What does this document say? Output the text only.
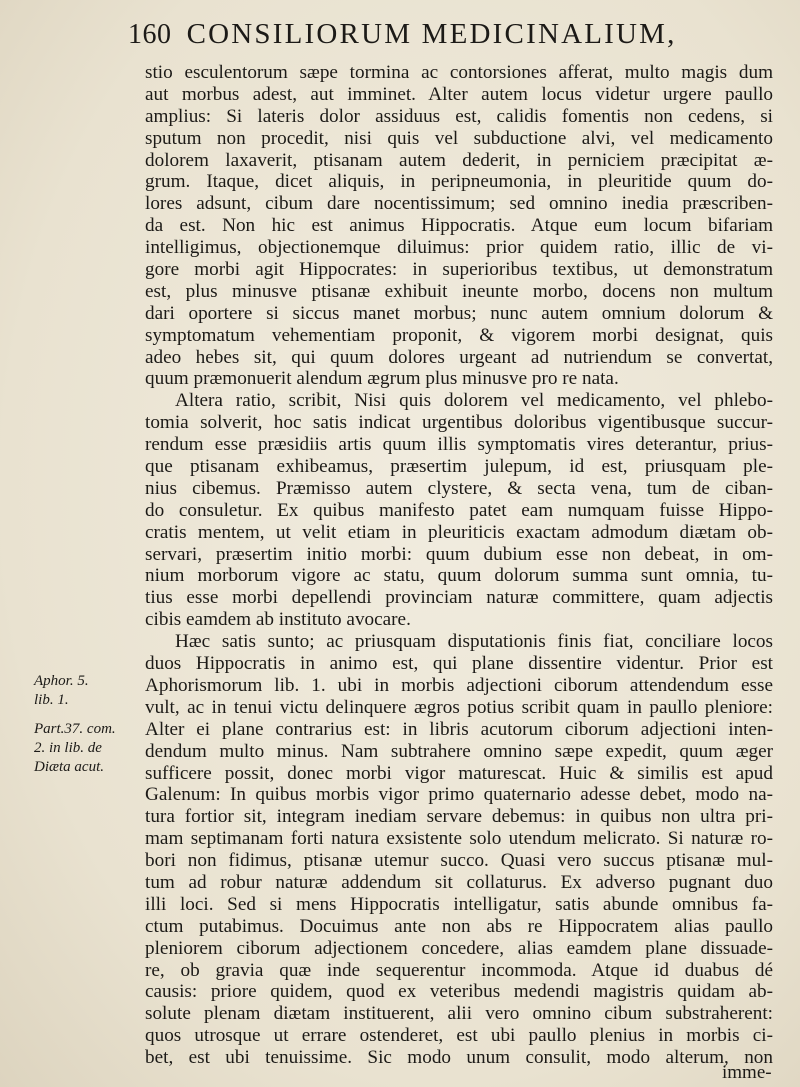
160 CONSILIORUM MEDICINALIUM,
Aphor. 5.
lib. 1.
Part.37. com.
2. in lib. de
Diæta acut.
stio esculentorum sæpe tormina ac contorsiones afferat, multo magis dum
aut morbus adest, aut imminet. Alter autem locus videtur urgere paullo
amplius: Si lateris dolor assiduus est, calidis fomentis non cedens, si
sputum non procedit, nisi quis vel subductione alvi, vel medicamento
dolorem laxaverit, ptisanam autem dederit, in perniciem præcipitat æ-
grum. Itaque, dicet aliquis, in peripneumonia, in pleuritide quum do-
lores adsunt, cibum dare nocentissimum; sed omnino inedia præscriben-
da est. Non hic est animus Hippocratis. Atque eum locum bifariam
intelligimus, objectionemque diluimus: prior quidem ratio, illic de vi-
gore morbi agit Hippocrates: in superioribus textibus, ut demonstratum
est, plus minusve ptisanæ exhibuit ineunte morbo, docens non multum
dari oportere si siccus manet morbus; nunc autem omnium dolorum &
symptomatum vehementiam proponit, & vigorem morbi designat, quis
adeo hebes sit, qui quum dolores urgeant ad nutriendum se convertat,
quum præmonuerit alendum ægrum plus minusve pro re nata.
Altera ratio, scribit, Nisi quis dolorem vel medicamento, vel phlebo-
tomia solverit, hoc satis indicat urgentibus doloribus vigentibusque succur-
rendum esse præsidiis artis quum illis symptomatis vires deterantur, prius-
que ptisanam exhibeamus, præsertim julepum, id est, priusquam ple-
nius cibemus. Præmisso autem clystere, & secta vena, tum de ciban-
do consuletur. Ex quibus manifesto patet eam numquam fuisse Hippo-
cratis mentem, ut velit etiam in pleuriticis exactam admodum diætam ob-
servari, præsertim initio morbi: quum dubium esse non debeat, in om-
nium morborum vigore ac statu, quum dolorum summa sunt omnia, tu-
tius esse morbi depellendi provinciam naturæ committere, quam adjectis
cibis eamdem ab instituto avocare.
Hæc satis sunto; ac priusquam disputationis finis fiat, conciliare locos
duos Hippocratis in animo est, qui plane dissentire videntur. Prior est
Aphorismorum lib. 1. ubi in morbis adjectioni ciborum attendendum esse
vult, ac in tenui victu delinquere ægros potius scribit quam in paullo pleniore:
Alter ei plane contrarius est: in libris acutorum ciborum adjectioni inten-
dendum multo minus. Nam subtrahere omnino sæpe expedit, quum æger
sufficere possit, donec morbi vigor maturescat. Huic & similis est apud
Galenum: In quibus morbis vigor primo quaternario adesse debet, modo na-
tura fortior sit, integram inediam servare debemus: in quibus non ultra pri-
mam septimanam forti natura exsistente solo utendum melicrato. Si naturæ ro-
bori non fidimus, ptisanæ utemur succo. Quasi vero succus ptisanæ mul-
tum ad robur naturæ addendum sit collaturus. Ex adverso pugnant duo
illi loci. Sed si mens Hippocratis intelligatur, satis abunde omnibus fa-
ctum putabimus. Docuimus ante non abs re Hippocratem alias paullo
pleniorem ciborum adjectionem concedere, alias eamdem plane dissuade-
re, ob gravia quæ inde sequerentur incommoda. Atque id duabus dé
causis: priore quidem, quod ex veteribus medendi magistris quidam ab-
solute plenam diætam instituerent, alii vero omnino cibum substraherent:
quos utrosque ut errare ostenderet, est ubi paullo plenius in morbis ci-
bet, est ubi tenuissime. Sic modo unum consulit, modo alterum, non
imme-
